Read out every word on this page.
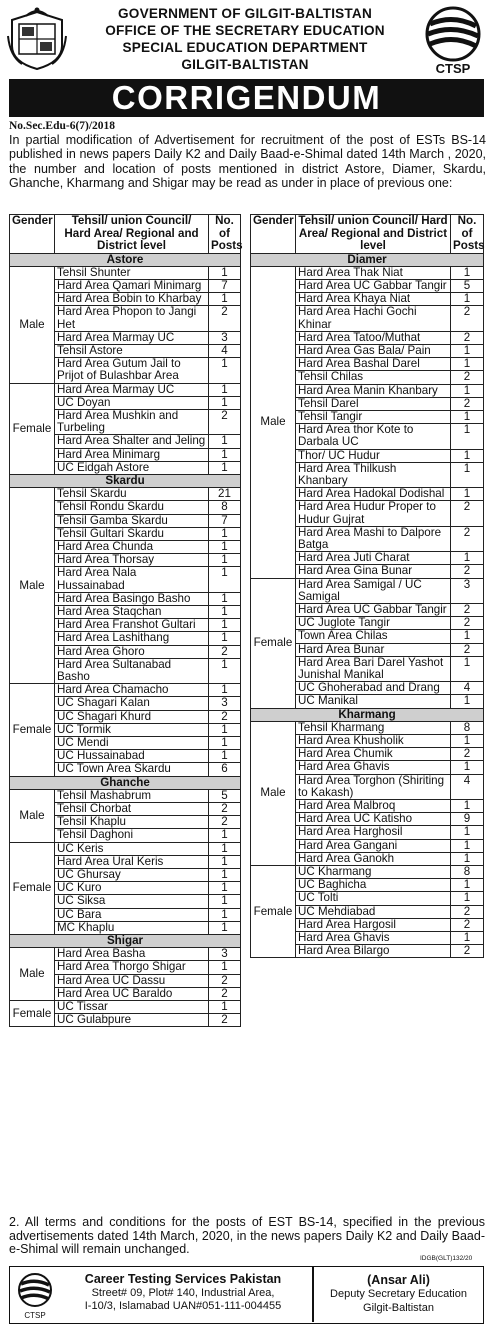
GOVERNMENT OF GILGIT-BALTISTAN
OFFICE OF THE SECRETARY EDUCATION
SPECIAL EDUCATION DEPARTMENT
GILGIT-BALTISTAN	CTSP
CORRIGENDUM
No.Sec.Edu-6(7)/2018
In partial modification of Advertisement for recruitment of the post of ESTs BS-14 published in news papers Daily K2 and Daily Baad-e-Shimal dated 14th March , 2020, the number and location of posts mentioned in district Astore, Diamer, Skardu, Ghanche, Kharmang and Shigar may be read as under in place of previous one:
Gender	Tehsil/ union Council/ Hard Area/ Regional and District level	No. of Posts
Astore		
Male	Tehsil Shunter	1
	Hard Area Qamari Minimarg	7
	Hard Area Bobin to Kharbay	1
	Hard Area Phopon to Jangi Het	2
	Hard Area Marmay UC	3
	Tehsil Astore	4
	Hard Area Gutum Jail to Prijot of Bulashbar Area	1
Female	Hard Area Marmay UC	1
	UC Doyan	1
	Hard Area Mushkin and Turbeling	2
	Hard Area Shalter and Jeling	1
	Hard Area Minimarg	1
	UC Eidgah Astore	1
Skardu		
Male	Tehsil Skardu	21
	Tehsil Rondu Skardu	8
	Tehsil Gamba Skardu	7
	Tehsil Gultari Skardu	1
	Hard Area Chunda	1
	Hard Area Thorsay	1
	Hard Area Nala Hussainabad	1
	Hard Area Basingo Basho	1
	Hard Area Staqchan	1
	Hard Area Franshot Gultari	1
	Hard Area Lashithang	1
	Hard Area Ghoro	2
	Hard Area Sultanabad Basho	1
Female	Hard Area Chamacho	1
	UC Shagari Kalan	3
	UC Shagari Khurd	2
	UC Tormik	1
	UC Mendi	1
	UC Hussainabad	1
	UC Town Area Skardu	6
Ghanche		
Male	Tehsil Mashabrum	5
	Tehsil Chorbat	2
	Tehsil Khaplu	2
	Tehsil Daghoni	1
Female	UC Keris	1
	Hard Area Ural Keris	1
	UC Ghursay	1
	UC Kuro	1
	UC Siksa	1
	UC Bara	1
	MC Khaplu	1
Shigar		
Male	Hard Area Basha	3
	Hard Area Thorgo Shigar	1
	Hard Area UC Dassu	2
	Hard Area UC Baraldo	2
Female	UC Tissar	1
	UC Gulabpure	2
Gender	Tehsil/ union Council/ Hard Area/ Regional and District level	No. of Posts
Diamer		
Male	Hard Area Thak Niat	1
	Hard Area UC Gabbar Tangir	5
	Hard Area Khaya Niat	1
	Hard Area Hachi Gochi Khinar	2
	Hard Area Tatoo/Muthat	2
	Hard Area Gas Bala/ Pain	1
	Hard Area Bashal Darel	1
	Tehsil Chilas	2
	Hard Area Manin Khanbary	1
	Tehsil Darel	2
	Tehsil Tangir	1
	Hard Area thor Kote to Darbala UC	1
	Thor/ UC Hudur	1
	Hard Area Thilkush Khanbary	1
	Hard Area Hadokal Dodishal	1
	Hard Area Hudur Proper to Hudur Gujrat	2
	Hard Area Mashi to Dalpore Batga	2
	Hard Area Juti Charat	1
	Hard Area Gina Bunar	2
Female	Hard Area Samigal / UC Samigal	3
	Hard Area UC Gabbar Tangir	2
	UC Juglote Tangir	2
	Town Area Chilas	1
	Hard Area Bunar	2
	Hard Area Bari Darel Yashot Junishal Manikal	1
	UC Ghoherabad and Drang	4
	UC Manikal	1
Kharmang		
Male	Tehsil Kharmang	8
	Hard Area Khusholik	1
	Hard Area Chumik	2
	Hard Area Ghavis	1
	Hard Area Torghon (Shiriting to Kakash)	4
	Hard Area Malbroq	1
	Hard Area UC Katisho	9
	Hard Area Harghosil	1
	Hard Area Gangani	1
	Hard Area Ganokh	1
Female	UC Kharmang	8
	UC Baghicha	1
	UC Tolti	1
	UC Mehdiabad	2
	Hard Area Hargosil	2
	Hard Area Ghavis	1
	Hard Area Bilargo	2
2. All terms and conditions for the posts of EST BS-14, specified in the previous advertisements dated 14th March, 2020, in the news papers Daily K2 and Daily Baad-e-Shimal will remain unchanged.
IDGB(GLT)132/20
CTSP
Career Testing Services Pakistan
Street# 09, Plot# 140, Industrial Area,
I-10/3, Islamabad UAN#051-111-004455
(Ansar Ali)
Deputy Secretary Education
Gilgit-Baltistan
